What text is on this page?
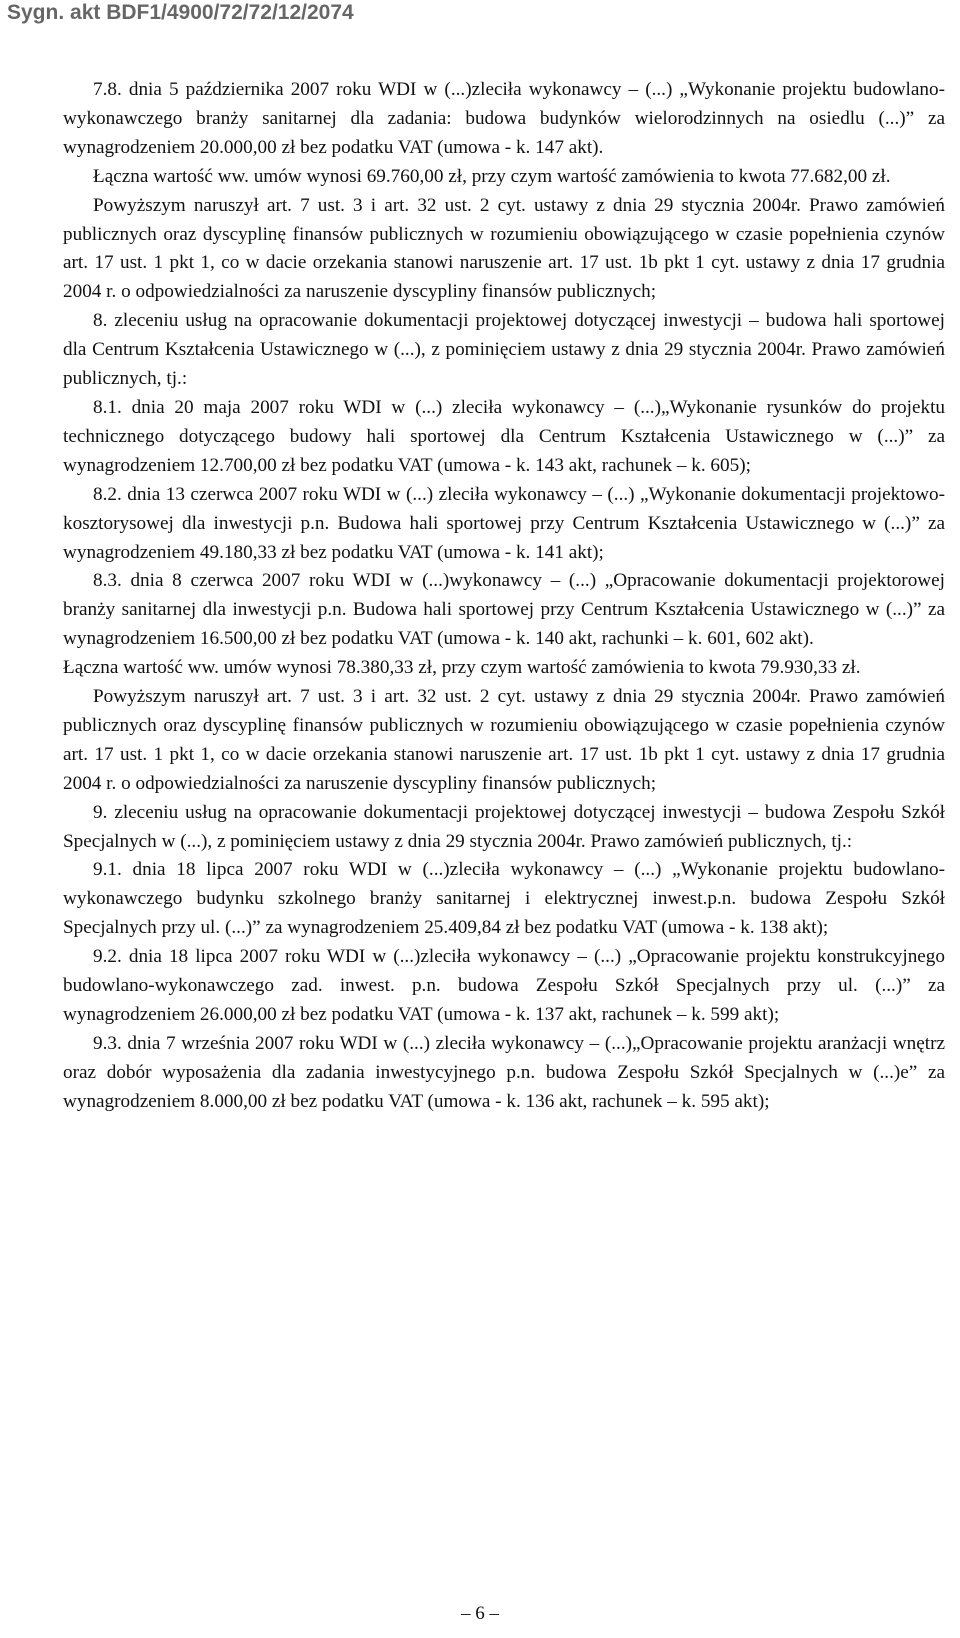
Sygn. akt BDF1/4900/72/72/12/2074

7.8. dnia 5 października 2007 roku WDI w (...)zleciła wykonawcy – (...) „Wykonanie projektu budowlano-wykonawczego branży sanitarnej dla zadania: budowa budynków wielorodzinnych na osiedlu (...)” za wynagrodzeniem 20.000,00 zł bez podatku VAT (umowa - k. 147 akt).

Łączna wartość ww. umów wynosi 69.760,00 zł, przy czym wartość zamówienia to kwota 77.682,00 zł.

Powyższym naruszył art. 7 ust. 3 i art. 32 ust. 2 cyt. ustawy z dnia 29 stycznia 2004r. Prawo zamówień publicznych oraz dyscyplinę finansów publicznych w rozumieniu obowiązującego w czasie popełnienia czynów art. 17 ust. 1 pkt 1, co w dacie orzekania stanowi naruszenie art. 17 ust. 1b pkt 1 cyt. ustawy z dnia 17 grudnia 2004 r. o odpowiedzialności za naruszenie dyscypliny finansów publicznych;

8. zleceniu usług na opracowanie dokumentacji projektowej dotyczącej inwestycji – budowa hali sportowej dla Centrum Kształcenia Ustawicznego w (...), z pominięciem ustawy z dnia 29 stycznia 2004r. Prawo zamówień publicznych, tj.:

8.1. dnia 20 maja 2007 roku WDI w (...) zleciła wykonawcy – (...)„Wykonanie rysunków do projektu technicznego dotyczącego budowy hali sportowej dla Centrum Kształcenia Ustawicznego w (...)” za wynagrodzeniem 12.700,00 zł bez podatku VAT (umowa - k. 143 akt, rachunek – k. 605);

8.2. dnia 13 czerwca 2007 roku WDI w (...) zleciła wykonawcy – (...) „Wykonanie dokumentacji projektowo-kosztorysowej dla inwestycji p.n. Budowa hali sportowej przy Centrum Kształcenia Ustawicznego w (...)” za wynagrodzeniem 49.180,33 zł bez podatku VAT (umowa - k. 141 akt);

8.3. dnia 8 czerwca 2007 roku WDI w (...)wykonawcy – (...) „Opracowanie dokumentacji projektorowej branży sanitarnej dla inwestycji p.n. Budowa hali sportowej przy Centrum Kształcenia Ustawicznego w (...)” za wynagrodzeniem 16.500,00 zł bez podatku VAT (umowa - k. 140 akt, rachunki – k. 601, 602 akt).

Łączna wartość ww. umów wynosi 78.380,33 zł, przy czym wartość zamówienia to kwota 79.930,33 zł.

Powyższym naruszył art. 7 ust. 3 i art. 32 ust. 2 cyt. ustawy z dnia 29 stycznia 2004r. Prawo zamówień publicznych oraz dyscyplinę finansów publicznych w rozumieniu obowiązującego w czasie popełnienia czynów art. 17 ust. 1 pkt 1, co w dacie orzekania stanowi naruszenie art. 17 ust. 1b pkt 1 cyt. ustawy z dnia 17 grudnia 2004 r. o odpowiedzialności za naruszenie dyscypliny finansów publicznych;

9. zleceniu usług na opracowanie dokumentacji projektowej dotyczącej inwestycji – budowa Zespołu Szkół Specjalnych w (...), z pominięciem ustawy z dnia 29 stycznia 2004r. Prawo zamówień publicznych, tj.:

9.1. dnia 18 lipca 2007 roku WDI w (...)zleciła wykonawcy – (...) „Wykonanie projektu budowlano-wykonawczego budynku szkolnego branży sanitarnej i elektrycznej inwest.p.n. budowa Zespołu Szkół Specjalnych przy ul. (...)” za wynagrodzeniem 25.409,84 zł bez podatku VAT (umowa - k. 138 akt);

9.2. dnia 18 lipca 2007 roku WDI w (...)zleciła wykonawcy – (...) „Opracowanie projektu konstrukcyjnego budowlano-wykonawczego zad. inwest. p.n. budowa Zespołu Szkół Specjalnych przy ul. (...)” za wynagrodzeniem 26.000,00 zł bez podatku VAT (umowa - k. 137 akt, rachunek – k. 599 akt);

9.3. dnia 7 września 2007 roku WDI w (...) zleciła wykonawcy – (...)„Opracowanie projektu aranżacji wnętrz oraz dobór wyposażenia dla zadania inwestycyjnego p.n. budowa Zespołu Szkół Specjalnych w (...)e” za wynagrodzeniem 8.000,00 zł bez podatku VAT (umowa - k. 136 akt, rachunek – k. 595 akt);

– 6 –
